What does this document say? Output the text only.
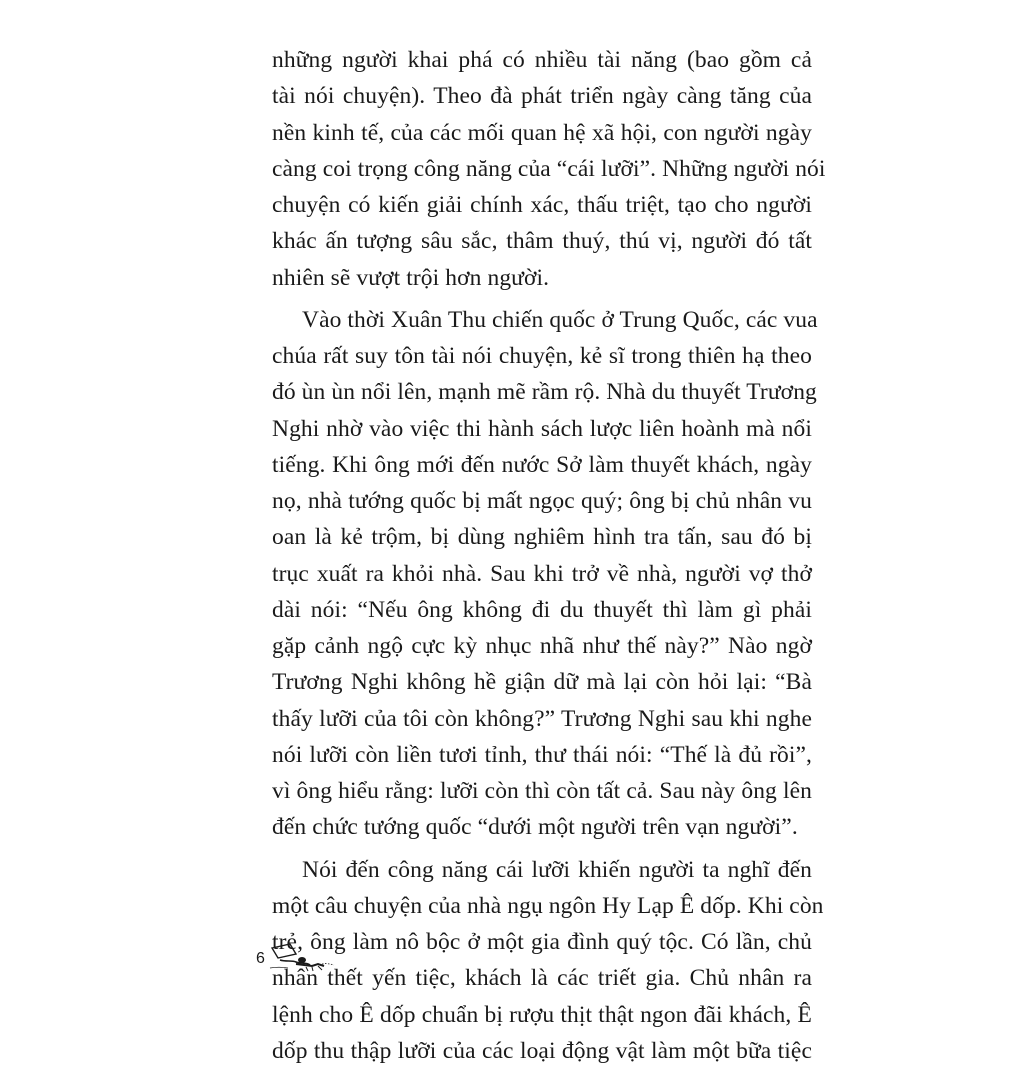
những người khai phá có nhiều tài năng (bao gồm cả
tài nói chuyện). Theo đà phát triển ngày càng tăng của
nền kinh tế, của các mối quan hệ xã hội, con người ngày
càng coi trọng công năng của “cái lưỡi”. Những người nói
chuyện có kiến giải chính xác, thấu triệt, tạo cho người
khác ấn tượng sâu sắc, thâm thuý, thú vị, người đó tất
nhiên sẽ vượt trội hơn người.
Vào thời Xuân Thu chiến quốc ở Trung Quốc, các vua
chúa rất suy tôn tài nói chuyện, kẻ sĩ trong thiên hạ theo
đó ùn ùn nổi lên, mạnh mẽ rầm rộ. Nhà du thuyết Trương
Nghi nhờ vào việc thi hành sách lược liên hoành mà nổi
tiếng. Khi ông mới đến nước Sở làm thuyết khách, ngày
nọ, nhà tướng quốc bị mất ngọc quý; ông bị chủ nhân vu
oan là kẻ trộm, bị dùng nghiêm hình tra tấn, sau đó bị
trục xuất ra khỏi nhà. Sau khi trở về nhà, người vợ thở
dài nói: “Nếu ông không đi du thuyết thì làm gì phải
gặp cảnh ngộ cực kỳ nhục nhã như thế này?” Nào ngờ
Trương Nghi không hề giận dữ mà lại còn hỏi lại: “Bà
thấy lưỡi của tôi còn không?” Trương Nghi sau khi nghe
nói lưỡi còn liền tươi tỉnh, thư thái nói: “Thế là đủ rồi”,
vì ông hiểu rằng: lưỡi còn thì còn tất cả. Sau này ông lên
đến chức tướng quốc “dưới một người trên vạn người”.
Nói đến công năng cái lưỡi khiến người ta nghĩ đến
một câu chuyện của nhà ngụ ngôn Hy Lạp Ê dốp. Khi còn
trẻ, ông làm nô bộc ở một gia đình quý tộc. Có lần, chủ
nhân thết yến tiệc, khách là các triết gia. Chủ nhân ra
lệnh cho Ê dốp chuẩn bị rượu thịt thật ngon đãi khách, Ê
dốp thu thập lưỡi của các loại động vật làm một bữa tiệc
6
